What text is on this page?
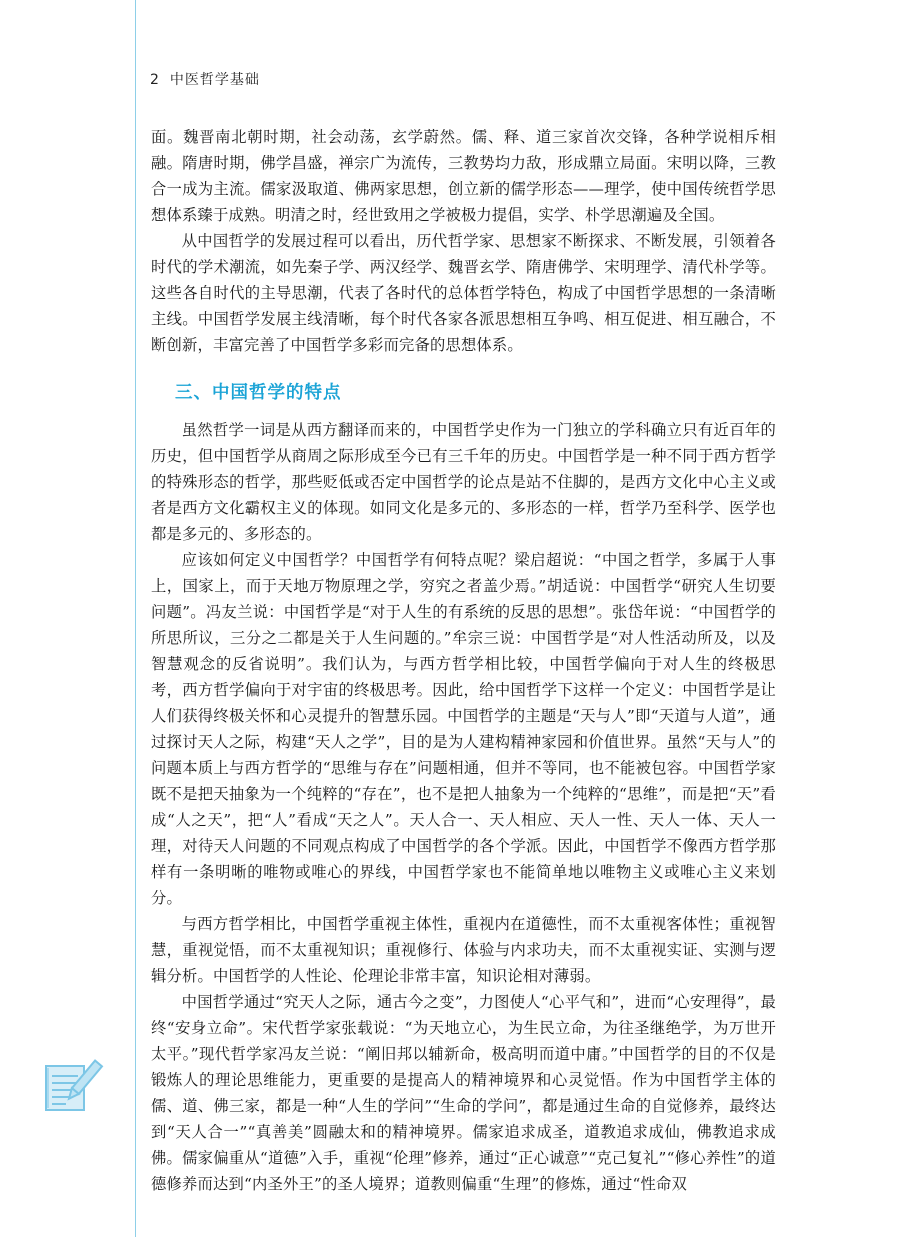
2 中医哲学基础

面。魏晋南北朝时期，社会动荡，玄学蔚然。儒、释、道三家首次交锋，各种学说相斥相融。隋唐时期，佛学昌盛，禅宗广为流传，三教势均力敌，形成鼎立局面。宋明以降，三教合一成为主流。儒家汲取道、佛两家思想，创立新的儒学形态——理学，使中国传统哲学思想体系臻于成熟。明清之时，经世致用之学被极力提倡，实学、朴学思潮遍及全国。

从中国哲学的发展过程可以看出，历代哲学家、思想家不断探求、不断发展，引领着各时代的学术潮流，如先秦子学、两汉经学、魏晋玄学、隋唐佛学、宋明理学、清代朴学等。这些各自时代的主导思潮，代表了各时代的总体哲学特色，构成了中国哲学思想的一条清晰主线。中国哲学发展主线清晰，每个时代各家各派思想相互争鸣、相互促进、相互融合，不断创新，丰富完善了中国哲学多彩而完备的思想体系。

三、中国哲学的特点

虽然哲学一词是从西方翻译而来的，中国哲学史作为一门独立的学科确立只有近百年的历史，但中国哲学从商周之际形成至今已有三千年的历史。中国哲学是一种不同于西方哲学的特殊形态的哲学，那些贬低或否定中国哲学的论点是站不住脚的，是西方文化中心主义或者是西方文化霸权主义的体现。如同文化是多元的、多形态的一样，哲学乃至科学、医学也都是多元的、多形态的。

应该如何定义中国哲学？中国哲学有何特点呢？梁启超说：“中国之哲学，多属于人事上，国家上，而于天地万物原理之学，穷究之者盖少焉。”胡适说：中国哲学“研究人生切要问题”。冯友兰说：中国哲学是“对于人生的有系统的反思的思想”。张岱年说：“中国哲学的所思所议，三分之二都是关于人生问题的。”牟宗三说：中国哲学是“对人性活动所及，以及智慧观念的反省说明”。我们认为，与西方哲学相比较，中国哲学偏向于对人生的终极思考，西方哲学偏向于对宇宙的终极思考。因此，给中国哲学下这样一个定义：中国哲学是让人们获得终极关怀和心灵提升的智慧乐园。中国哲学的主题是“天与人”即“天道与人道”，通过探讨天人之际，构建“天人之学”，目的是为人建构精神家园和价值世界。虽然“天与人”的问题本质上与西方哲学的“思维与存在”问题相通，但并不等同，也不能被包容。中国哲学家既不是把天抽象为一个纯粹的“存在”，也不是把人抽象为一个纯粹的“思维”，而是把“天”看成“人之天”，把“人”看成“天之人”。天人合一、天人相应、天人一性、天人一体、天人一理，对待天人问题的不同观点构成了中国哲学的各个学派。因此，中国哲学不像西方哲学那样有一条明晰的唯物或唯心的界线，中国哲学家也不能简单地以唯物主义或唯心主义来划分。

与西方哲学相比，中国哲学重视主体性，重视内在道德性，而不太重视客体性；重视智慧，重视觉悟，而不太重视知识；重视修行、体验与内求功夫，而不太重视实证、实测与逻辑分析。中国哲学的人性论、伦理论非常丰富，知识论相对薄弱。

中国哲学通过“究天人之际，通古今之变”，力图使人“心平气和”，进而“心安理得”，最终“安身立命”。宋代哲学家张载说：“为天地立心，为生民立命，为往圣继绝学，为万世开太平。”现代哲学家冯友兰说：“阐旧邦以辅新命，极高明而道中庸。”中国哲学的目的不仅是锻炼人的理论思维能力，更重要的是提高人的精神境界和心灵觉悟。作为中国哲学主体的儒、道、佛三家，都是一种“人生的学问”“生命的学问”，都是通过生命的自觉修养，最终达到“天人合一”“真善美”圆融太和的精神境界。儒家追求成圣，道教追求成仙，佛教追求成佛。儒家偏重从“道德”入手，重视“伦理”修养，通过“正心诚意”“克己复礼”“修心养性”的道德修养而达到“内圣外王”的圣人境界；道教则偏重“生理”的修炼，通过“性命双
